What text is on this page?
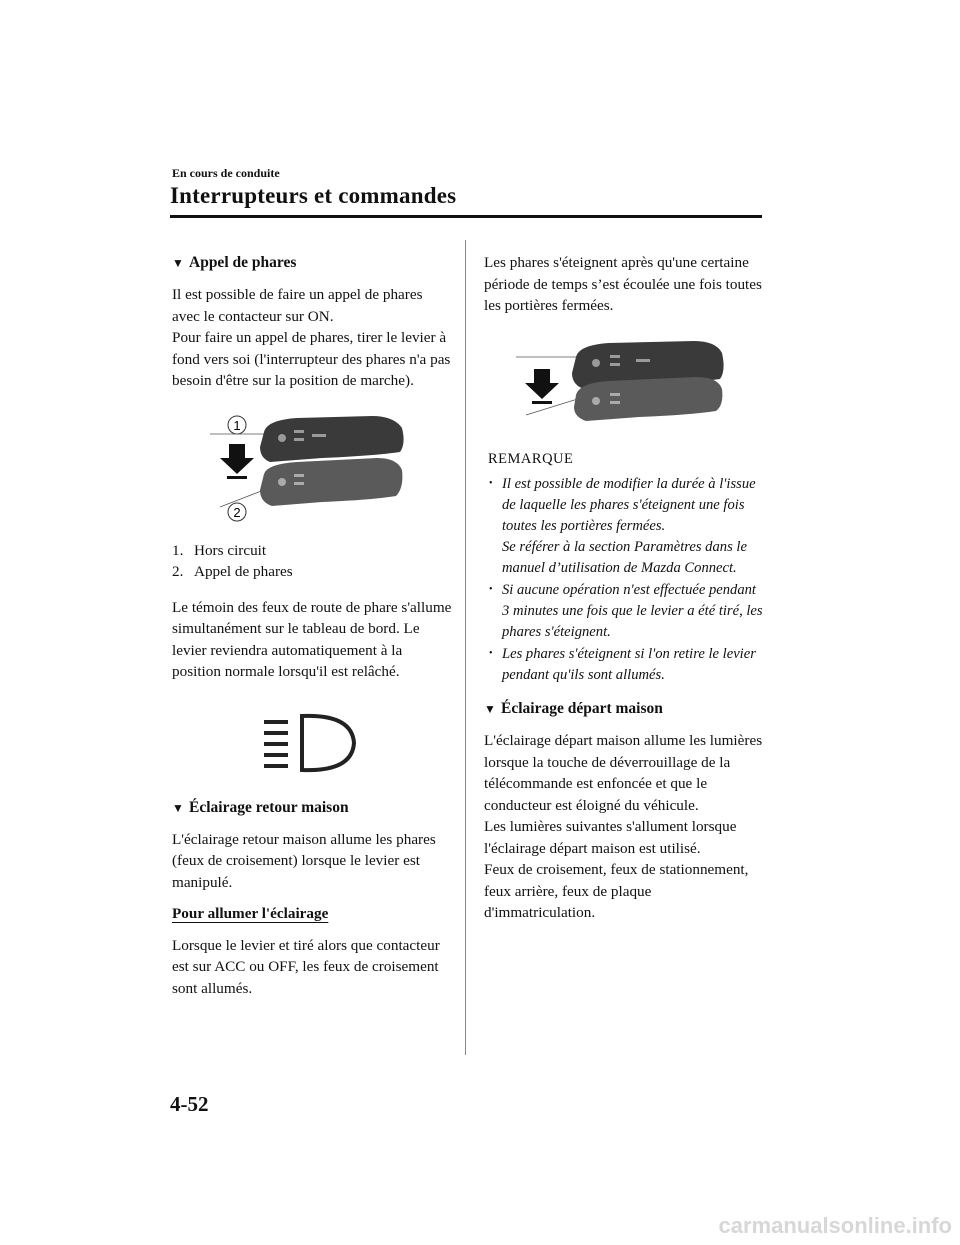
En cours de conduite
Interrupteurs et commandes
▼ Appel de phares

Il est possible de faire un appel de phares avec le contacteur sur ON.

Pour faire un appel de phares, tirer le levier à fond vers soi (l'interrupteur des phares n'a pas besoin d'être sur la position de marche).

1
2
1. Hors circuit
2. Appel de phares

Le témoin des feux de route de phare s'allume simultanément sur le tableau de bord. Le levier reviendra automatiquement à la position normale lorsqu'il est relâché.

▼ Éclairage retour maison

L'éclairage retour maison allume les phares (feux de croisement) lorsque le levier est manipulé.

Pour allumer l'éclairage

Lorsque le levier et tiré alors que contacteur est sur ACC ou OFF, les feux de croisement sont allumés.

Les phares s'éteignent après qu'une certaine période de temps s’est écoulée une fois toutes les portières fermées.

REMARQUE
• Il est possible de modifier la durée à l'issue de laquelle les phares s'éteignent une fois toutes les portières fermées.
Se référer à la section Paramètres dans le manuel d’utilisation de Mazda Connect.
• Si aucune opération n'est effectuée pendant 3 minutes une fois que le levier a été tiré, les phares s'éteignent.
• Les phares s'éteignent si l'on retire le levier pendant qu'ils sont allumés.
▼ Éclairage départ maison

L'éclairage départ maison allume les lumières lorsque la touche de déverrouillage de la télécommande est enfoncée et que le conducteur est éloigné du véhicule.

Les lumières suivantes s'allument lorsque l'éclairage départ maison est utilisé.

Feux de croisement, feux de stationnement, feux arrière, feux de plaque d'immatriculation.

4-52
carmanualsonline.info
